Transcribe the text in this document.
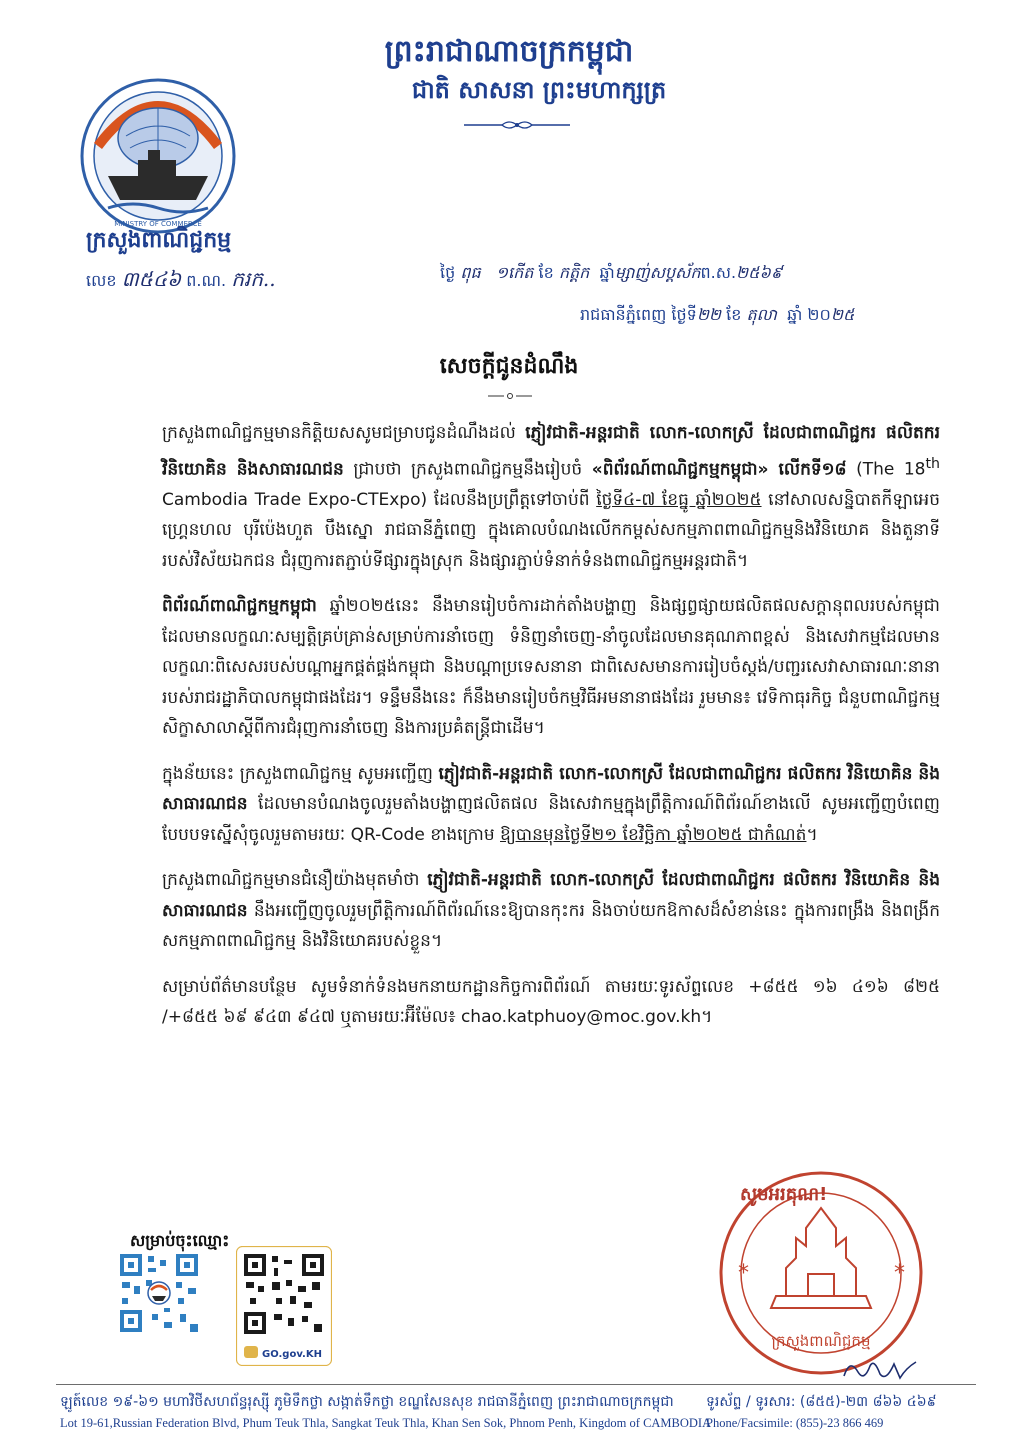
ព្រះរាជាណាចក្រកម្ពុជា
ជាតិ សាសនា ព្រះមហាក្សត្រ
MINISTRY OF COMMERCE
ក្រសួងពាណិជ្ជកម្ម
លេខ ៣៥៤៦ ព.ណ. ករក..	ថ្ងៃ ពុធ ១កើត ខែ កត្តិក ឆ្នាំម្សាញ់សប្តស័កព.ស.២៥៦៩
រាជធានីភ្នំពេញ ថ្ងៃទី២២ ខែ តុលា ឆ្នាំ ២០២៥
សេចក្តីជូនដំណឹង

ក្រសួងពាណិជ្ជកម្មមានកិត្តិយសសូមជម្រាបជូនដំណឹងដល់ ភ្ញៀវជាតិ-អន្តរជាតិ លោក-លោកស្រី ដែលជាពាណិជ្ជករ ផលិតករ វិនិយោគិន និងសាធារណជន ជ្រាបថា ក្រសួងពាណិជ្ជកម្មនឹងរៀបចំ «ពិព័រណ៍ពាណិជ្ជកម្មកម្ពុជា» លើកទី១៨ (The 18th Cambodia Trade Expo-CTExpo) ដែលនឹងប្រព្រឹត្តទៅចាប់ពី ថ្ងៃទី៤-៧ ខែធ្នូ ឆ្នាំ២០២៥ នៅសាលសន្និបាតកីឡាអេច ហ្គ្រេនហល បុរីប៉េងហួត បឹងស្នោ រាជធានីភ្នំពេញ ក្នុងគោលបំណងលើកកម្ពស់សកម្មភាពពាណិជ្ជកម្មនិងវិនិយោគ និងតួនាទីរបស់វិស័យឯកជន ជំរុញការតភ្ជាប់ទីផ្សារក្នុងស្រុក និងផ្សារភ្ជាប់ទំនាក់ទំនងពាណិជ្ជកម្មអន្តរជាតិ។

ពិព័រណ៍ពាណិជ្ជកម្មកម្ពុជា ឆ្នាំ២០២៥នេះ នឹងមានរៀបចំការដាក់តាំងបង្ហាញ និងផ្សព្វផ្សាយផលិតផលសក្តានុពលរបស់កម្ពុជាដែលមានលក្ខណៈសម្បត្តិគ្រប់គ្រាន់សម្រាប់ការនាំចេញ ទំនិញនាំចេញ-នាំចូលដែលមានគុណភាពខ្ពស់ និងសេវាកម្មដែលមានលក្ខណៈពិសេសរបស់បណ្តាអ្នកផ្គត់ផ្គង់កម្ពុជា និងបណ្តាប្រទេសនានា ជាពិសេសមានការរៀបចំស្តង់/បញ្ជរសេវាសាធារណៈនានារបស់រាជរដ្ឋាភិបាលកម្ពុជាផងដែរ។ ទន្ទឹមនឹងនេះ ក៏នឹងមានរៀបចំកម្មវិធីអមនានាផងដែរ រួមមាន៖ វេទិកាធុរកិច្ច ជំនួបពាណិជ្ជកម្ម សិក្ខាសាលាស្តីពីការជំរុញការនាំចេញ និងការប្រគំតន្ត្រីជាដើម។

ក្នុងន័យនេះ ក្រសួងពាណិជ្ជកម្ម សូមអញ្ជើញ ភ្ញៀវជាតិ-អន្តរជាតិ លោក-លោកស្រី ដែលជាពាណិជ្ជករ ផលិតករ វិនិយោគិន និងសាធារណជន ដែលមានបំណងចូលរួមតាំងបង្ហាញផលិតផល និងសេវាកម្មក្នុងព្រឹត្តិការណ៍ពិព័រណ៍ខាងលើ សូមអញ្ជើញបំពេញបែបបទស្នើសុំចូលរួមតាមរយៈ QR-Code ខាងក្រោម ឱ្យបានមុនថ្ងៃទី២១ ខែវិច្ឆិកា ឆ្នាំ២០២៥ ជាកំណត់។

ក្រសួងពាណិជ្ជកម្មមានជំនឿយ៉ាងមុតមាំថា ភ្ញៀវជាតិ-អន្តរជាតិ លោក-លោកស្រី ដែលជាពាណិជ្ជករ ផលិតករ វិនិយោគិន និងសាធារណជន នឹងអញ្ជើញចូលរួមព្រឹត្តិការណ៍ពិព័រណ៍នេះឱ្យបានកុះករ និងចាប់យកឱកាសដ៏សំខាន់នេះ ក្នុងការពង្រឹង និងពង្រីកសកម្មភាពពាណិជ្ជកម្ម និងវិនិយោគរបស់ខ្លួន។

សម្រាប់ព័ត៌មានបន្ថែម សូមទំនាក់ទំនងមកនាយកដ្ឋានកិច្ចការពិព័រណ៍ តាមរយៈទូរស័ព្ទលេខ +៨៥៥ ១៦ ៤១៦ ៨២៥ /+៨៥៥ ៦៩ ៩៤៣ ៩៤៧ ឬតាមរយៈអ៊ីម៉ែល៖ chao.katphuoy@moc.gov.kh។

*	*
ក្រសួងពាណិជ្ជកម្ម
សូមអរគុណ!
សម្រាប់ចុះឈ្មោះ
GO.gov.KH
ឡូត៍លេខ ១៩-៦១ មហាវិថីសហព័ន្ធរុស្ស៊ី ភូមិទឹកថ្លា សង្កាត់ទឹកថ្លា ខណ្ឌសែនសុខ រាជធានីភ្នំពេញ ព្រះរាជាណាចក្រកម្ពុជា ទូរស័ព្ទ / ទូរសារ: (៨៥៥)-២៣ ៨៦៦ ៤៦៩
Lot 19-61,Russian Federation Blvd, Phum Teuk Thla, Sangkat Teuk Thla, Khan Sen Sok, Phnom Penh, Kingdom of CAMBODIA
Phone/Facsimile: (855)-23 866 469
